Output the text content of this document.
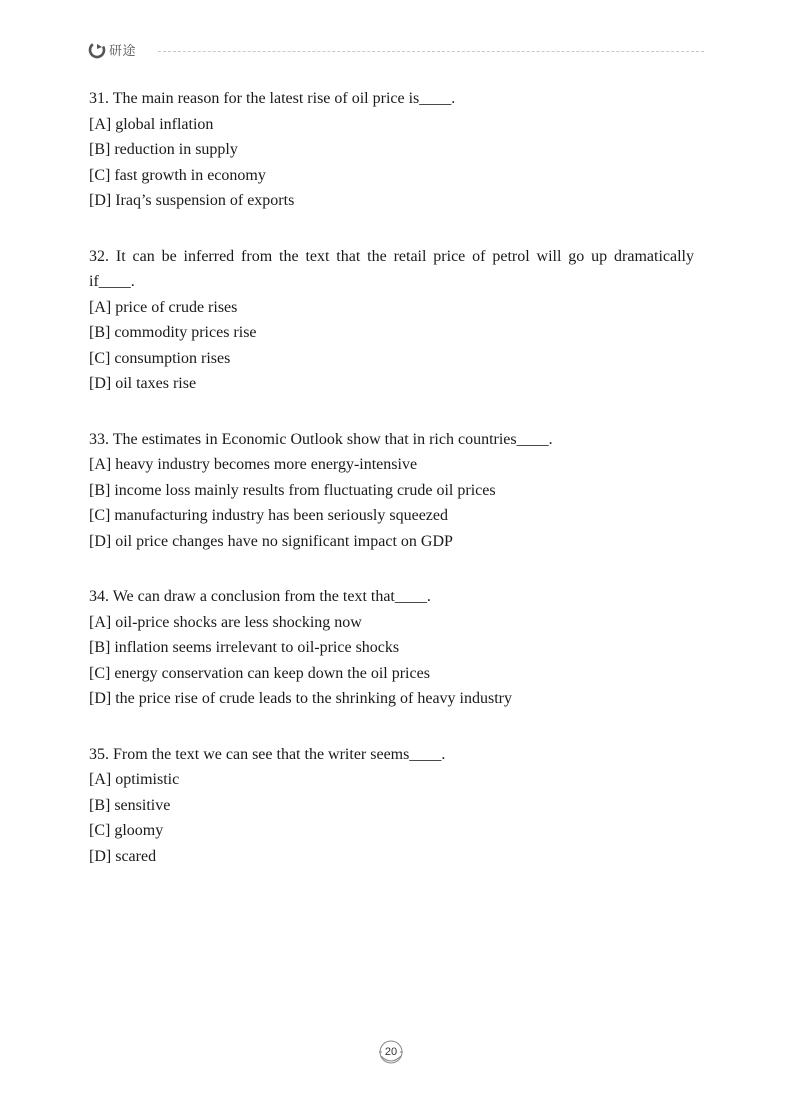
研途

31. The main reason for the latest rise of oil price is____.

[A] global inflation

[B] reduction in supply

[C] fast growth in economy

[D] Iraq’s suspension of exports

32. It can be inferred from the text that the retail price of petrol will go up dramatically if____.

[A] price of crude rises

[B] commodity prices rise

[C] consumption rises

[D] oil taxes rise

33. The estimates in Economic Outlook show that in rich countries____.

[A] heavy industry becomes more energy-intensive

[B] income loss mainly results from fluctuating crude oil prices

[C] manufacturing industry has been seriously squeezed

[D] oil price changes have no significant impact on GDP

34. We can draw a conclusion from the text that____.

[A] oil-price shocks are less shocking now

[B] inflation seems irrelevant to oil-price shocks

[C] energy conservation can keep down the oil prices

[D] the price rise of crude leads to the shrinking of heavy industry

35. From the text we can see that the writer seems____.

[A] optimistic

[B] sensitive

[C] gloomy

[D] scared

20
